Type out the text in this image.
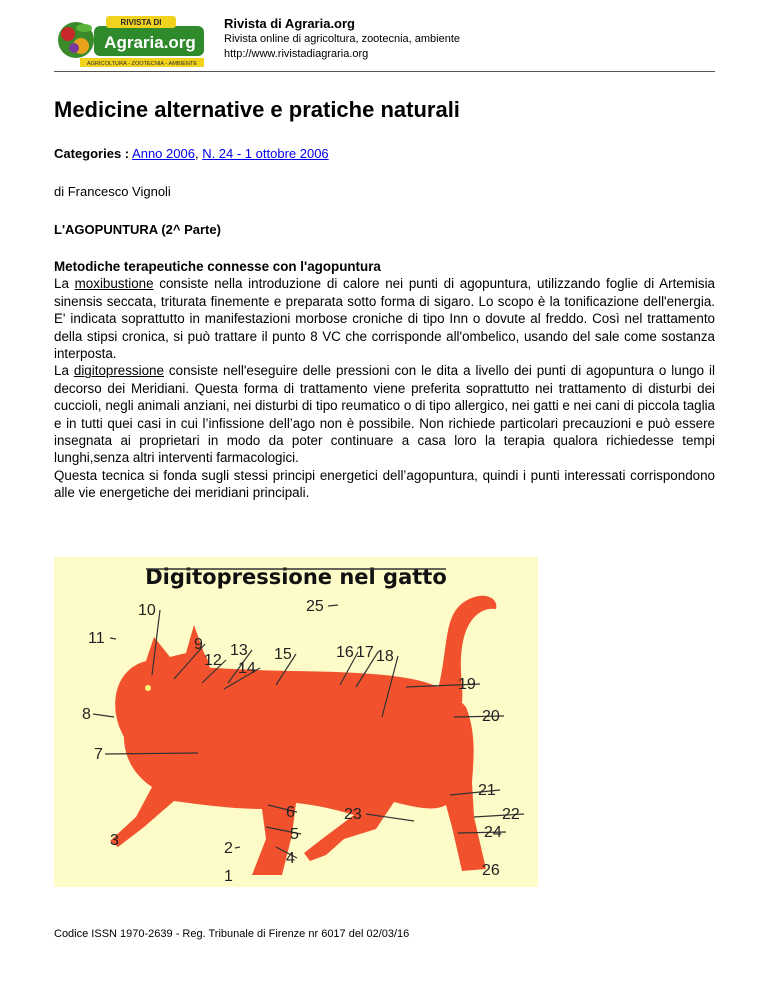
RIVISTA DI
Agraria.org
AGRICOLTURA - ZOOTECNIA - AMBIENTE
Rivista di Agraria.org
Rivista online di agricoltura, zootecnia, ambiente
http://www.rivistadiagraria.org
Medicine alternative e pratiche naturali
Categories : Anno 2006, N. 24 - 1 ottobre 2006
di Francesco Vignoli
L'AGOPUNTURA (2^ Parte)

Metodiche terapeutiche connesse con l'agopuntura

La moxibustione consiste nella introduzione di calore nei punti di agopuntura, utilizzando foglie di Artemisia sinensis seccata, triturata finemente e preparata sotto forma di sigaro. Lo scopo è la tonificazione dell'energia. E' indicata soprattutto in manifestazioni morbose croniche di tipo Inn o dovute al freddo. Così nel trattamento della stipsi cronica, si può trattare il punto 8 VC che corrisponde all'ombelico, usando del sale come sostanza interposta.

La digitopressione consiste nell'eseguire delle pressioni con le dita a livello dei punti di agopuntura o lungo il decorso dei Meridiani. Questa forma di trattamento viene preferita soprattutto nei trattamento di disturbi dei cuccioli, negli animali anziani, nei disturbi di tipo reumatico o di tipo allergico, nei gatti e nei cani di piccola taglia e in tutti quei casi in cui l’infissione dell’ago non è possibile. Non richiede particolari precauzioni e può essere insegnata ai proprietari in modo da poter continuare a casa loro la terapia qualora richiedesse tempi lunghi,senza altri interventi farmacologici.

Questa tecnica si fonda sugli stessi principi energetici dell’agopuntura, quindi i punti interessati corrispondono alle vie energetiche dei meridiani principali.

Digitopressione nel gatto
1
2
3
4
5
6
7
8
9
10
11
12
13
14
15	16 17 18
19
20
21
22
23
24
25
26
Codice ISSN 1970-2639 - Reg. Tribunale di Firenze nr 6017 del 02/03/16
